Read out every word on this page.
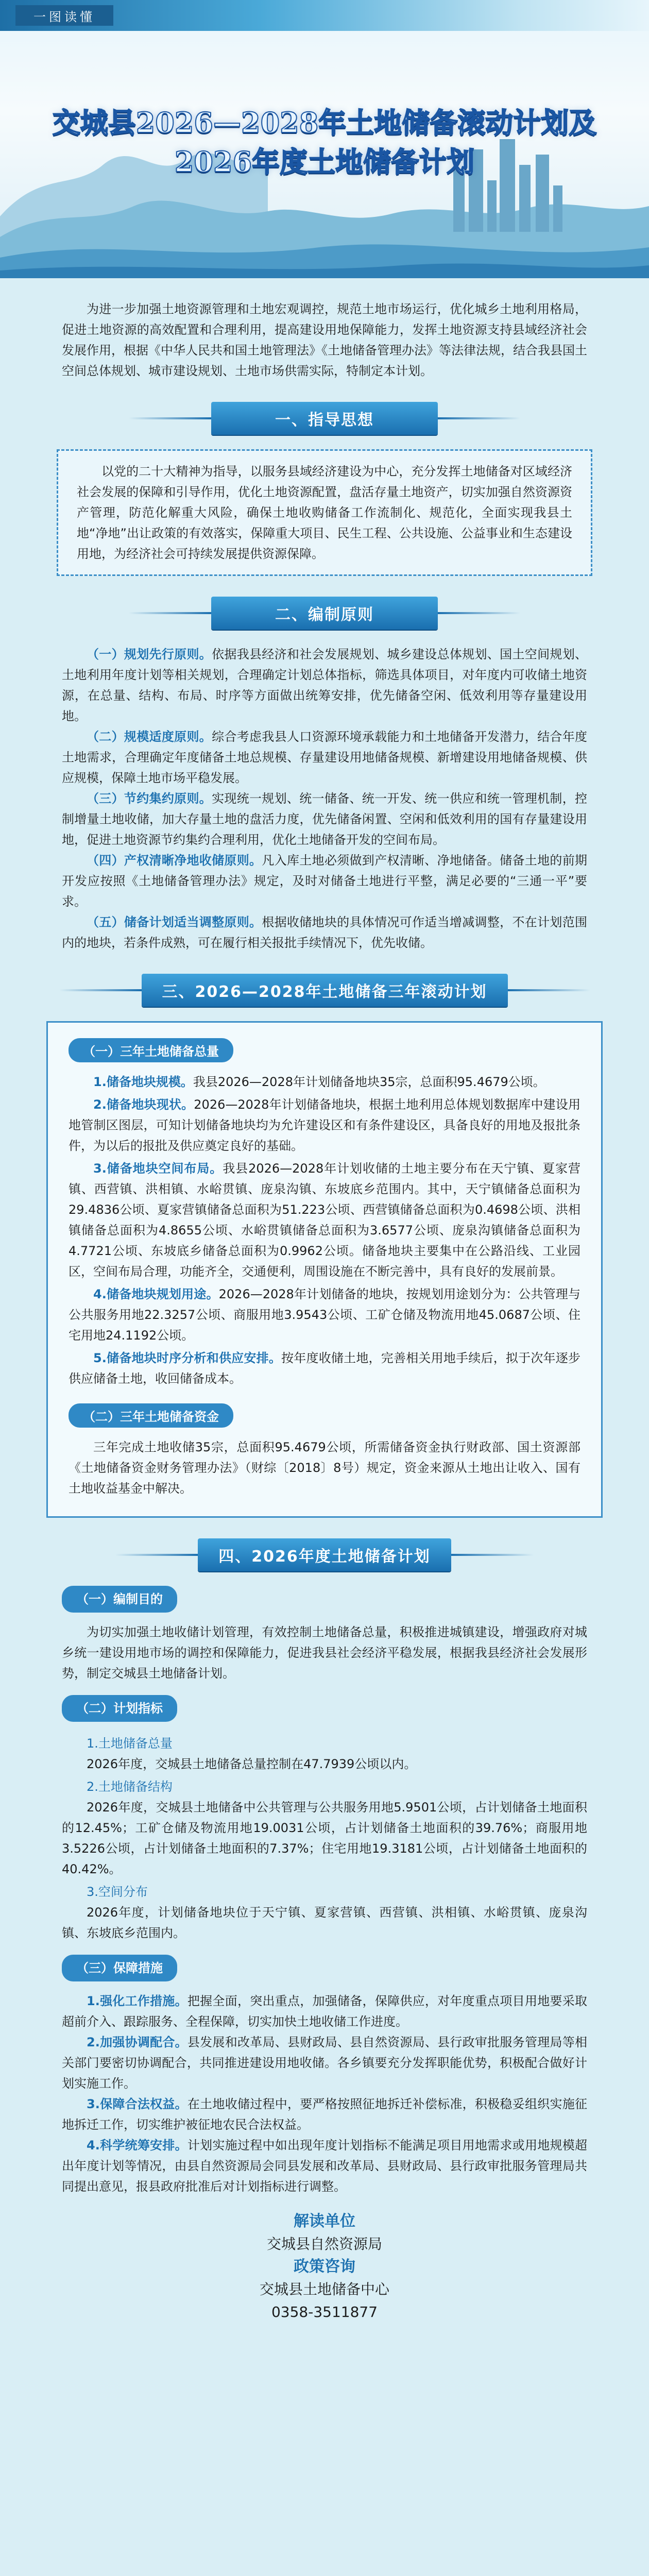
一图读懂
交城县2026—2028年土地储备滚动计划及
2026年度土地储备计划

为进一步加强土地资源管理和土地宏观调控，规范土地市场运行，优化城乡土地利用格局，促进土地资源的高效配置和合理利用，提高建设用地保障能力，发挥土地资源支持县域经济社会发展作用，根据《中华人民共和国土地管理法》《土地储备管理办法》等法律法规，结合我县国土空间总体规划、城市建设规划、土地市场供需实际，特制定本计划。

一、指导思想

以党的二十大精神为指导，以服务县域经济建设为中心，充分发挥土地储备对区域经济社会发展的保障和引导作用，优化土地资源配置，盘活存量土地资产，切实加强自然资源资产管理，防范化解重大风险，确保土地收购储备工作流制化、规范化，全面实现我县土地“净地”出让政策的有效落实，保障重大项目、民生工程、公共设施、公益事业和生态建设用地，为经济社会可持续发展提供资源保障。

二、编制原则

（一）规划先行原则。依据我县经济和社会发展规划、城乡建设总体规划、国土空间规划、土地利用年度计划等相关规划，合理确定计划总体指标，筛选具体项目，对年度内可收储土地资源，在总量、结构、布局、时序等方面做出统筹安排，优先储备空闲、低效利用等存量建设用地。

（二）规模适度原则。综合考虑我县人口资源环境承载能力和土地储备开发潜力，结合年度土地需求，合理确定年度储备土地总规模、存量建设用地储备规模、新增建设用地储备规模、供应规模，保障土地市场平稳发展。

（三）节约集约原则。实现统一规划、统一储备、统一开发、统一供应和统一管理机制，控制增量土地收储，加大存量土地的盘活力度，优先储备闲置、空闲和低效利用的国有存量建设用地，促进土地资源节约集约合理利用，优化土地储备开发的空间布局。

（四）产权清晰净地收储原则。凡入库土地必须做到产权清晰、净地储备。储备土地的前期开发应按照《土地储备管理办法》规定，及时对储备土地进行平整，满足必要的“三通一平”要求。

（五）储备计划适当调整原则。根据收储地块的具体情况可作适当增减调整，不在计划范围内的地块，若条件成熟，可在履行相关报批手续情况下，优先收储。

三、2026—2028年土地储备三年滚动计划
（一）三年土地储备总量

1.储备地块规模。我县2026—2028年计划储备地块35宗，总面积95.4679公顷。

2.储备地块现状。2026—2028年计划储备地块，根据土地利用总体规划数据库中建设用地管制区图层，可知计划储备地块均为允许建设区和有条件建设区，具备良好的用地及报批条件，为以后的报批及供应奠定良好的基础。

3.储备地块空间布局。我县2026—2028年计划收储的土地主要分布在天宁镇、夏家营镇、西营镇、洪相镇、水峪贯镇、庞泉沟镇、东坡底乡范围内。其中，天宁镇储备总面积为29.4836公顷、夏家营镇储备总面积为51.223公顷、西营镇储备总面积为0.4698公顷、洪相镇储备总面积为4.8655公顷、水峪贯镇储备总面积为3.6577公顷、庞泉沟镇储备总面积为4.7721公顷、东坡底乡储备总面积为0.9962公顷。储备地块主要集中在公路沿线、工业园区，空间布局合理，功能齐全，交通便利，周围设施在不断完善中，具有良好的发展前景。

4.储备地块规划用途。2026—2028年计划储备的地块，按规划用途划分为：公共管理与公共服务用地22.3257公顷、商服用地3.9543公顷、工矿仓储及物流用地45.0687公顷、住宅用地24.1192公顷。

5.储备地块时序分析和供应安排。按年度收储土地，完善相关用地手续后，拟于次年逐步供应储备土地，收回储备成本。

（二）三年土地储备资金

三年完成土地收储35宗，总面积95.4679公顷，所需储备资金执行财政部、国土资源部《土地储备资金财务管理办法》（财综〔2018〕8号）规定，资金来源从土地出让收入、国有土地收益基金中解决。

四、2026年度土地储备计划
（一）编制目的

为切实加强土地收储计划管理，有效控制土地储备总量，积极推进城镇建设，增强政府对城乡统一建设用地市场的调控和保障能力，促进我县社会经济平稳发展，根据我县经济社会发展形势，制定交城县土地储备计划。

（二）计划指标

1.土地储备总量

2026年度，交城县土地储备总量控制在47.7939公顷以内。

2.土地储备结构

2026年度，交城县土地储备中公共管理与公共服务用地5.9501公顷，占计划储备土地面积的12.45%；工矿仓储及物流用地19.0031公顷，占计划储备土地面积的39.76%；商服用地3.5226公顷，占计划储备土地面积的7.37%；住宅用地19.3181公顷，占计划储备土地面积的40.42%。

3.空间分布

2026年度，计划储备地块位于天宁镇、夏家营镇、西营镇、洪相镇、水峪贯镇、庞泉沟镇、东坡底乡范围内。

（三）保障措施

1.强化工作措施。把握全面，突出重点，加强储备，保障供应，对年度重点项目用地要采取超前介入、跟踪服务、全程保障，切实加快土地收储工作进度。

2.加强协调配合。县发展和改革局、县财政局、县自然资源局、县行政审批服务管理局等相关部门要密切协调配合，共同推进建设用地收储。各乡镇要充分发挥职能优势，积极配合做好计划实施工作。

3.保障合法权益。在土地收储过程中，要严格按照征地拆迁补偿标准，积极稳妥组织实施征地拆迁工作，切实维护被征地农民合法权益。

4.科学统筹安排。计划实施过程中如出现年度计划指标不能满足项目用地需求或用地规模超出年度计划等情况，由县自然资源局会同县发展和改革局、县财政局、县行政审批服务管理局共同提出意见，报县政府批准后对计划指标进行调整。

解读单位
交城县自然资源局
政策咨询
交城县土地储备中心
0358-3511877
